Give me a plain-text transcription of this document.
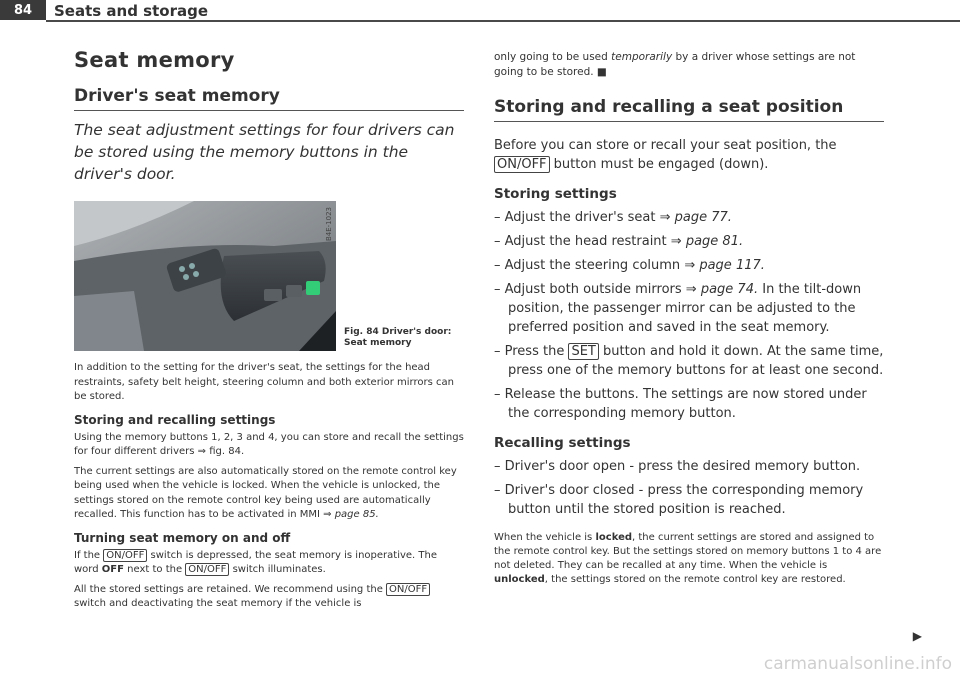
84	Seats and storage
Seat memory
Driver's seat memory

The seat adjustment settings for four drivers can be stored using the memory buttons in the driver's door.

B4E-1023
Fig. 84 Driver's door:
Seat memory

In addition to the setting for the driver's seat, the settings for the head restraints, safety belt height, steering column and both exterior mirrors can be stored.

Storing and recalling settings

Using the memory buttons 1, 2, 3 and 4, you can store and recall the settings for four different drivers ⇒ fig. 84.

The current settings are also automatically stored on the remote control key being used when the vehicle is locked. When the vehicle is unlocked, the settings stored on the remote control key being used are automatically recalled. This function has to be activated in MMI ⇒ page 85.

Turning seat memory on and off

If the ON/OFF switch is depressed, the seat memory is inoperative. The word OFF next to the ON/OFF switch illuminates.

All the stored settings are retained. We recommend using the ON/OFF switch and deactivating the seat memory if the vehicle is

only going to be used temporarily by a driver whose settings are not going to be stored. ■

Storing and recalling a seat position

Before you can store or recall your seat position, the ON/OFF button must be engaged (down).

Storing settings
– Adjust the driver's seat ⇒ page 77.
– Adjust the head restraint ⇒ page 81.
– Adjust the steering column ⇒ page 117.
– Adjust both outside mirrors ⇒ page 74. In the tilt-down position, the passenger mirror can be adjusted to the preferred position and saved in the seat memory.
– Press the SET button and hold it down. At the same time, press one of the memory buttons for at least one second.
– Release the buttons. The settings are now stored under the corresponding memory button.
Recalling settings
– Driver's door open - press the desired memory button.
– Driver's door closed - press the corresponding memory button until the stored position is reached.

When the vehicle is locked, the current settings are stored and assigned to the remote control key. But the settings stored on memory buttons 1 to 4 are not deleted. They can be recalled at any time. When the vehicle is unlocked, the settings stored on the remote control key are restored.

▶
carmanualsonline.info
